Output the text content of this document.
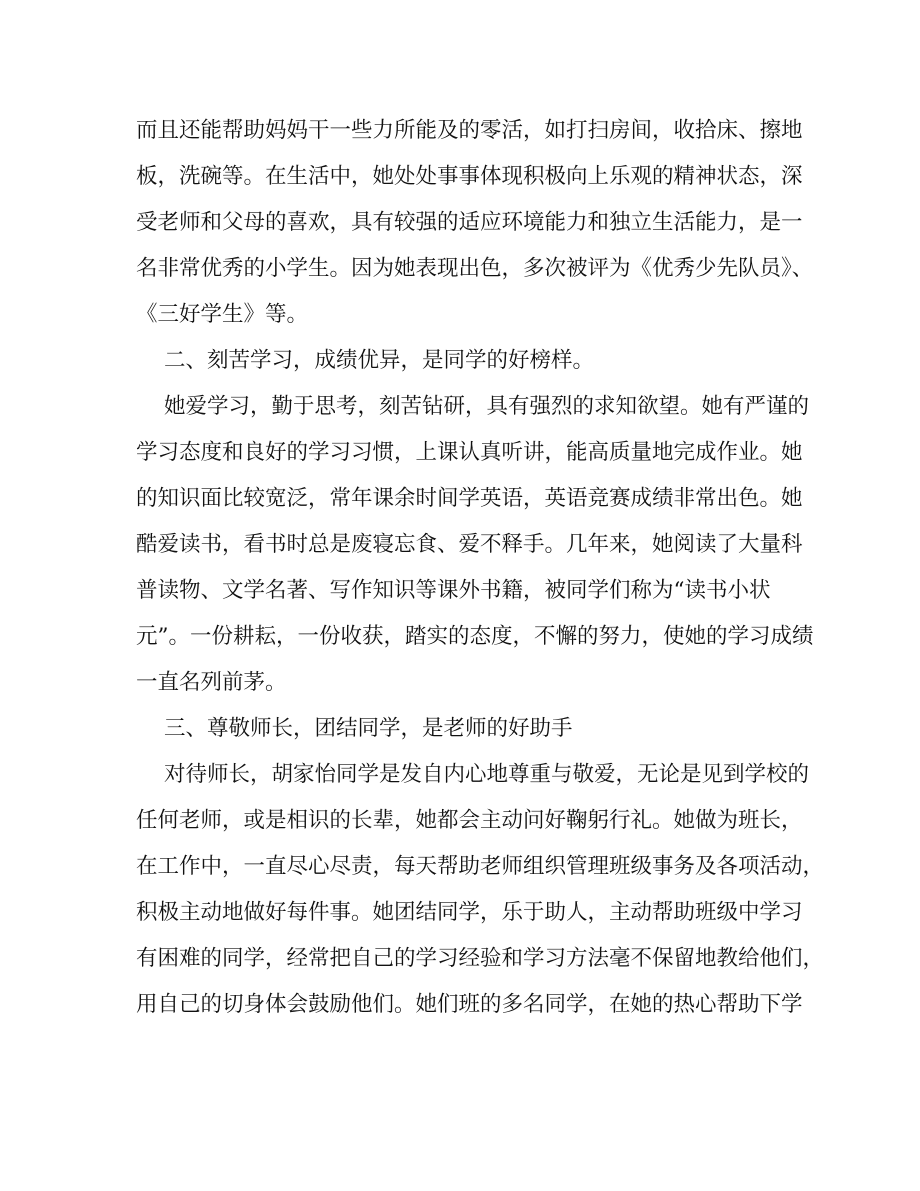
而且还能帮助妈妈干一些力所能及的零活，如打扫房间，收拾床、擦地
板，洗碗等。在生活中，她处处事事体现积极向上乐观的精神状态，深
受老师和父母的喜欢，具有较强的适应环境能力和独立生活能力，是一
名非常优秀的小学生。因为她表现出色，多次被评为《优秀少先队员》、
《三好学生》等。
二、刻苦学习，成绩优异，是同学的好榜样。
她爱学习，勤于思考，刻苦钻研，具有强烈的求知欲望。她有严谨的
学习态度和良好的学习习惯，上课认真听讲，能高质量地完成作业。她
的知识面比较宽泛，常年课余时间学英语，英语竞赛成绩非常出色。她
酷爱读书，看书时总是废寝忘食、爱不释手。几年来，她阅读了大量科
普读物、文学名著、写作知识等课外书籍，被同学们称为“读书小状
元”。一份耕耘，一份收获，踏实的态度，不懈的努力，使她的学习成绩
一直名列前茅。
三、尊敬师长，团结同学，是老师的好助手
对待师长，胡家怡同学是发自内心地尊重与敬爱，无论是见到学校的
任何老师，或是相识的长辈，她都会主动问好鞠躬行礼。她做为班长，
在工作中，一直尽心尽责，每天帮助老师组织管理班级事务及各项活动，
积极主动地做好每件事。她团结同学，乐于助人，主动帮助班级中学习
有困难的同学，经常把自己的学习经验和学习方法毫不保留地教给他们，
用自己的切身体会鼓励他们。她们班的多名同学，在她的热心帮助下学
